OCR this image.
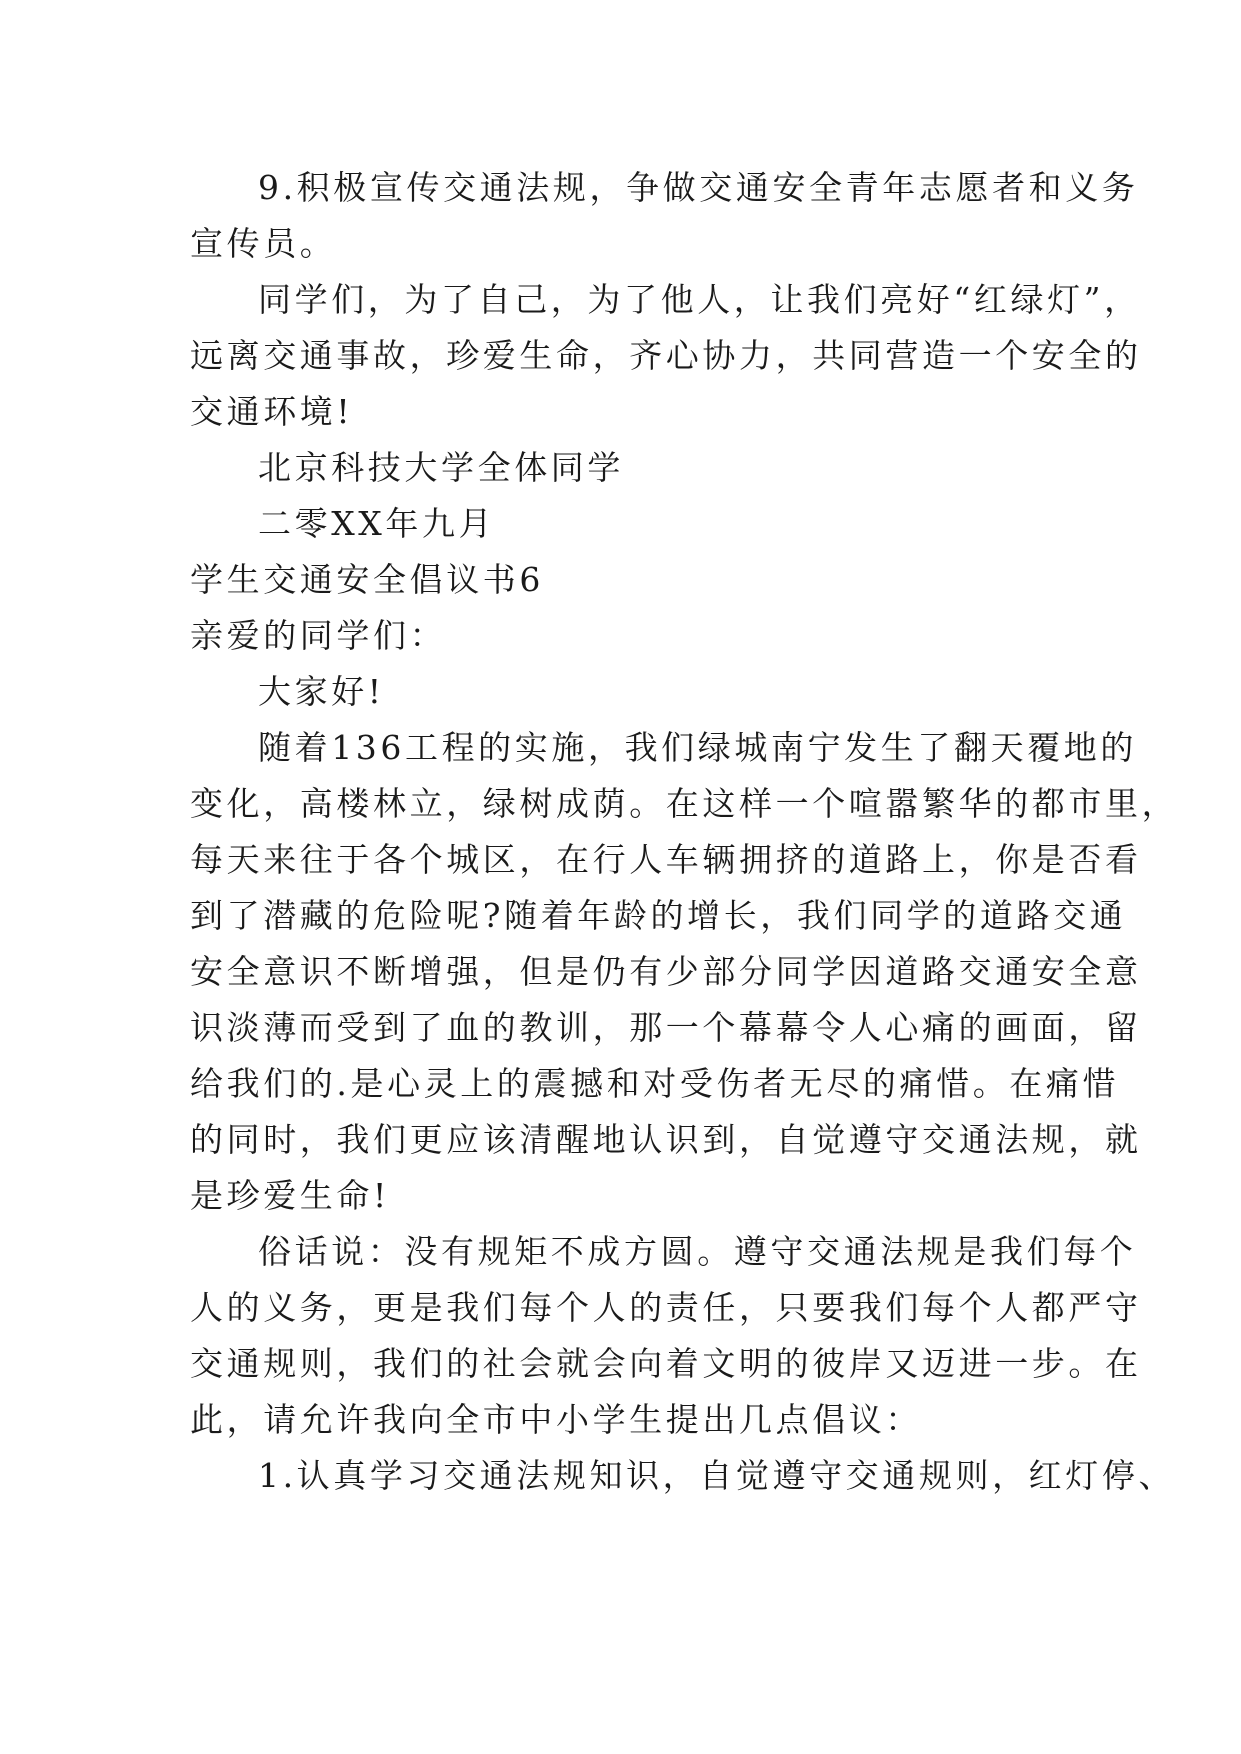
9.积极宣传交通法规，争做交通安全青年志愿者和义务
宣传员。
同学们，为了自己，为了他人，让我们亮好“红绿灯”，
远离交通事故，珍爱生命，齐心协力，共同营造一个安全的
交通环境!
北京科技大学全体同学
二零XX年九月
学生交通安全倡议书6
亲爱的同学们：
大家好!
随着136工程的实施，我们绿城南宁发生了翻天覆地的
变化，高楼林立，绿树成荫。在这样一个喧嚣繁华的都市里，
每天来往于各个城区，在行人车辆拥挤的道路上，你是否看
到了潜藏的危险呢?随着年龄的增长，我们同学的道路交通
安全意识不断增强，但是仍有少部分同学因道路交通安全意
识淡薄而受到了血的教训，那一个幕幕令人心痛的画面，留
给我们的.是心灵上的震撼和对受伤者无尽的痛惜。在痛惜
的同时，我们更应该清醒地认识到，自觉遵守交通法规，就
是珍爱生命!
俗话说：没有规矩不成方圆。遵守交通法规是我们每个
人的义务，更是我们每个人的责任，只要我们每个人都严守
交通规则，我们的社会就会向着文明的彼岸又迈进一步。在
此，请允许我向全市中小学生提出几点倡议：
1.认真学习交通法规知识，自觉遵守交通规则，红灯停、
